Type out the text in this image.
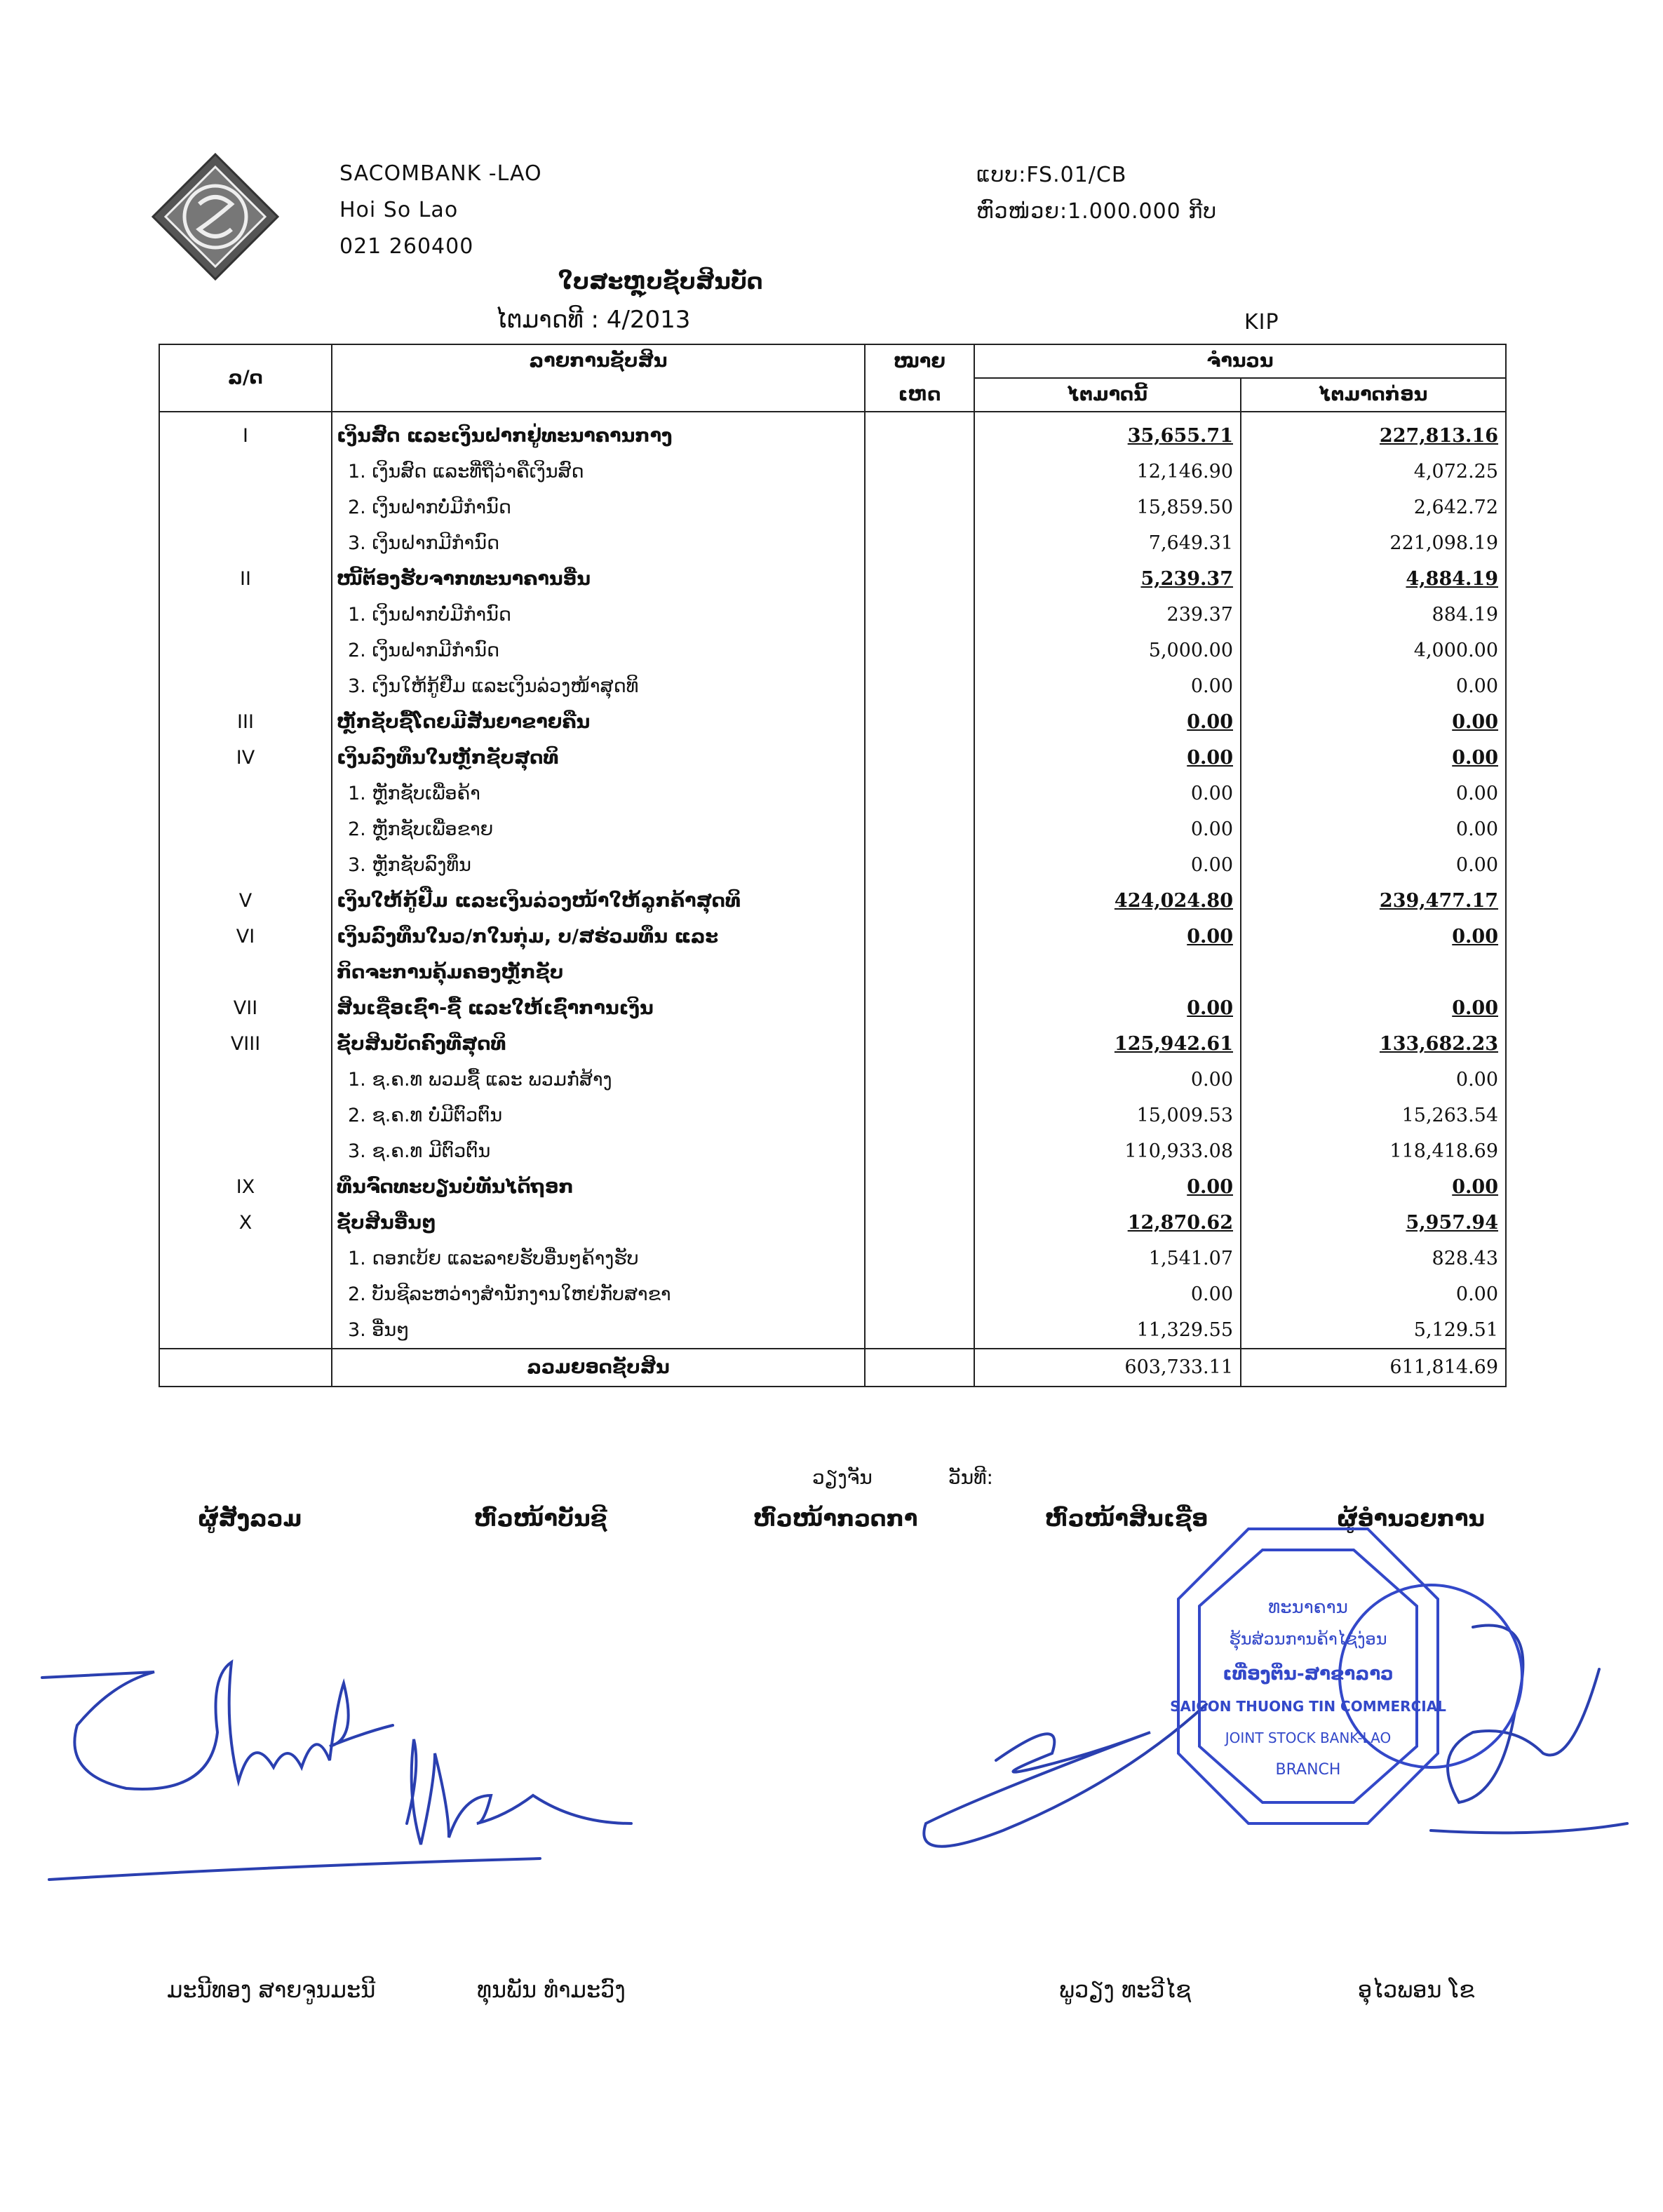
SACOMBANK -LAO
Hoi So Lao
021 260400
ແບບ:FS.01/CB
ຫົວໜ່ວຍ:1.000.000 ກີບ
ໃບສະຫຼຸບຊັບສິນບັດ
ໄຕມາດທີ : 4/2013	KIP
ລ/ດ	ລາຍການຊັບສິນ	ໝາຍ	ຈຳນວນ	
		ເຫດ	ໄຕມາດນີ້	ໄຕມາດກ່ອນ
I	ເງິນສົດ ແລະເງິນຝາກຢູ່ທະນາຄານກາງ		35,655.71	227,813.16
	1. ເງິນສົດ ແລະທີ່ຖືວ່າຄືເງິນສົດ		12,146.90	4,072.25
	2. ເງິນຝາກບໍ່ມີກຳນົດ		15,859.50	2,642.72
	3. ເງິນຝາກມີກຳນົດ		7,649.31	221,098.19
II	ໜີ້ຕ້ອງຮັບຈາກທະນາຄານອື່ນ		5,239.37	4,884.19
	1. ເງິນຝາກບໍ່ມີກຳນົດ		239.37	884.19
	2. ເງິນຝາກມີກຳນົດ		5,000.00	4,000.00
	3. ເງິນໃຫ້ກູ້ຢືມ ແລະເງິນລ່ວງໜ້າສຸດທິ		0.00	0.00
III	ຫຼັກຊັບຊື້ໂດຍມີສັນຍາຂາຍຄືນ		0.00	0.00
IV	ເງິນລົງທຶນໃນຫຼັກຊັບສຸດທິ		0.00	0.00
	1. ຫຼັກຊັບເພື່ອຄ້າ		0.00	0.00
	2. ຫຼັກຊັບເພື່ອຂາຍ		0.00	0.00
	3. ຫຼັກຊັບລົງທຶນ		0.00	0.00
V	ເງິນໃຫ້ກູ້ຢືມ ແລະເງິນລ່ວງໜ້າໃຫ້ລູກຄ້າສຸດທິ		424,024.80	239,477.17
VI	ເງິນລົງທຶນໃນວ/ກໃນກຸ່ມ, ບ/ສຮ່ວມທຶນ ແລະ		0.00	0.00
	ກິດຈະການຄຸ້ມຄອງຫຼັກຊັບ			
VII	ສິນເຊື່ອເຊົ່າ-ຊື້ ແລະໃຫ້ເຊົ່າການເງິນ		0.00	0.00
VIII	ຊັບສິນບັດຄົງທີ່ສຸດທິ		125,942.61	133,682.23
	1. ຊ.ຄ.ທ ພວມຊື້ ແລະ ພວມກໍ່ສ້າງ		0.00	0.00
	2. ຊ.ຄ.ທ ບໍ່ມີຕົວຕົນ		15,009.53	15,263.54
	3. ຊ.ຄ.ທ ມີຕົວຕົນ		110,933.08	118,418.69
IX	ທຶນຈົດທະບຽນບໍ່ທັນໄດ້ຖອກ		0.00	0.00
X	ຊັບສິນອື່ນໆ		12,870.62	5,957.94
	1. ດອກເບ້ຍ ແລະລາຍຮັບອື່ນໆຄ້າງຮັບ		1,541.07	828.43
	2. ບັນຊີລະຫວ່າງສຳນັກງານໃຫຍ່ກັບສາຂາ		0.00	0.00
	3. ອື່ນໆ		11,329.55	5,129.51
	ລວມຍອດຊັບສິນ		603,733.11	611,814.69
ວຽງຈັນ	ວັນທີ:
ຜູ້ສັງລວມ	ຫົວໜ້າບັນຊີ	ຫົວໜ້າກວດກາ	ຫົວໜ້າສິນເຊື່ອ	ຜູ້ອຳນວຍການ
ທະນາຄານ
ຮຸ້ນສ່ວນການຄ້າໄຊ່ງ່ອນ
ເທື່ອງຕິ່ນ-ສາຂາລາວ
SAIGON THUONG TIN COMMERCIAL
JOINT STOCK BANK-LAO
BRANCH
ມະນີທອງ ສາຍຈູນມະນີ	ທຸນພັນ ທຳມະວົງ	ພູວຽງ ທະວີໄຊ	ອຸໄວພອນ ໂຂ
